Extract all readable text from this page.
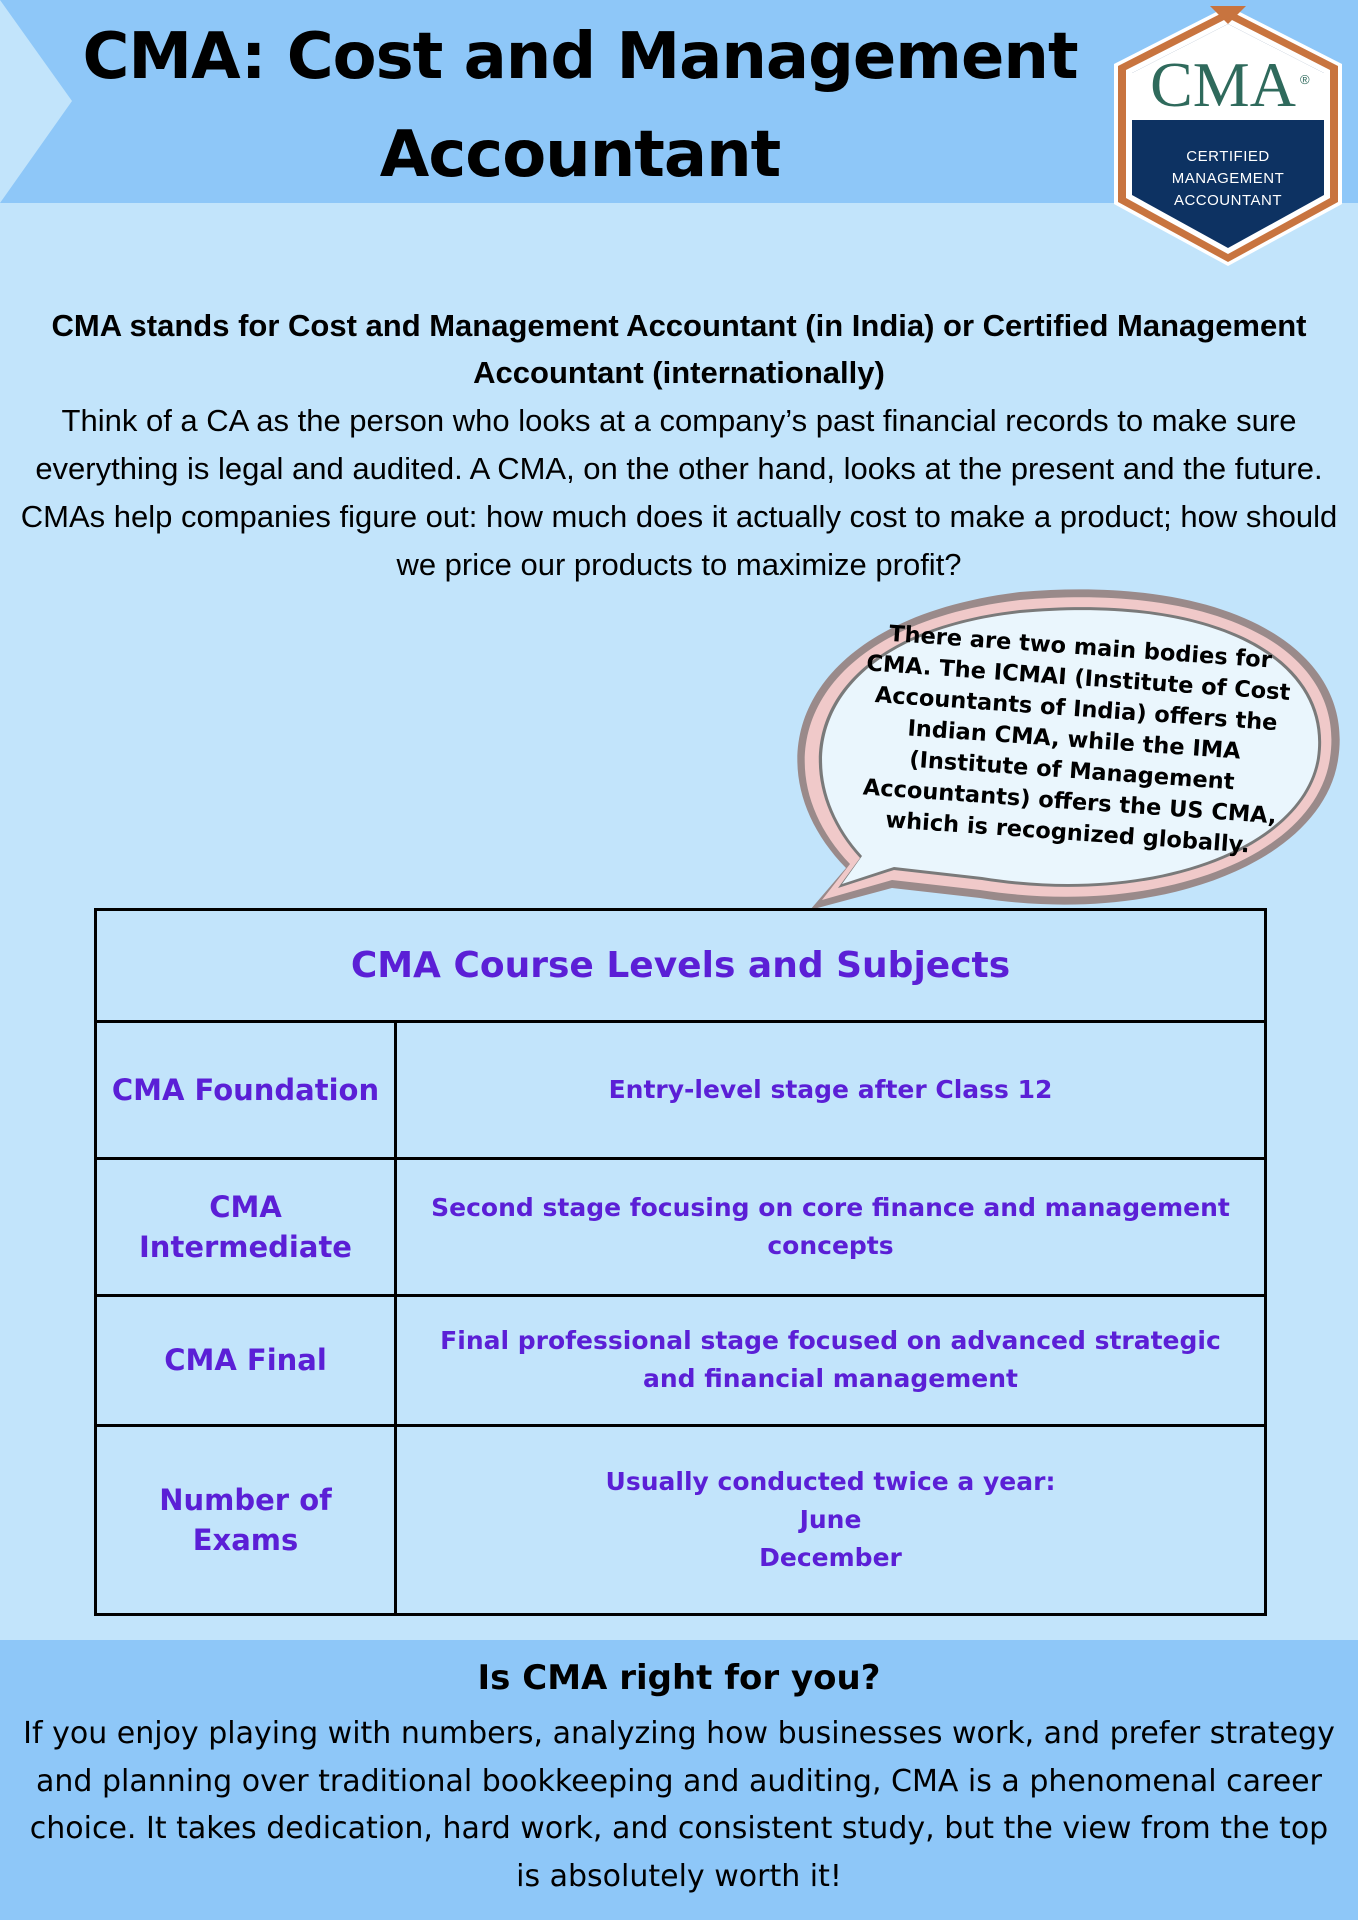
CMA: Cost and Management Accountant
CMA ®
CERTIFIED
MANAGEMENT
ACCOUNTANT

CMA stands for Cost and Management Accountant (in India) or Certified Management Accountant (internationally)

Think of a CA as the person who looks at a company’s past financial records to make sure everything is legal and audited. A CMA, on the other hand, looks at the present and the future. CMAs help companies figure out: how much does it actually cost to make a product; how should we price our products to maximize profit?

There are two main bodies for CMA. The ICMAI (Institute of Cost Accountants of India) offers the Indian CMA, while the IMA (Institute of Management Accountants) offers the US CMA, which is recognized globally.
CMA Course Levels and Subjects	
CMA Foundation	Entry-level stage after Class 12

CMA Intermediate	Second stage focusing on core finance and management concepts

CMA Final	Final professional stage focused on advanced strategic and financial management

Number of Exams	Usually conducted twice a year:
June
December
Is CMA right for you?

If you enjoy playing with numbers, analyzing how businesses work, and prefer strategy and planning over traditional bookkeeping and auditing, CMA is a phenomenal career choice. It takes dedication, hard work, and consistent study, but the view from the top is absolutely worth it!
